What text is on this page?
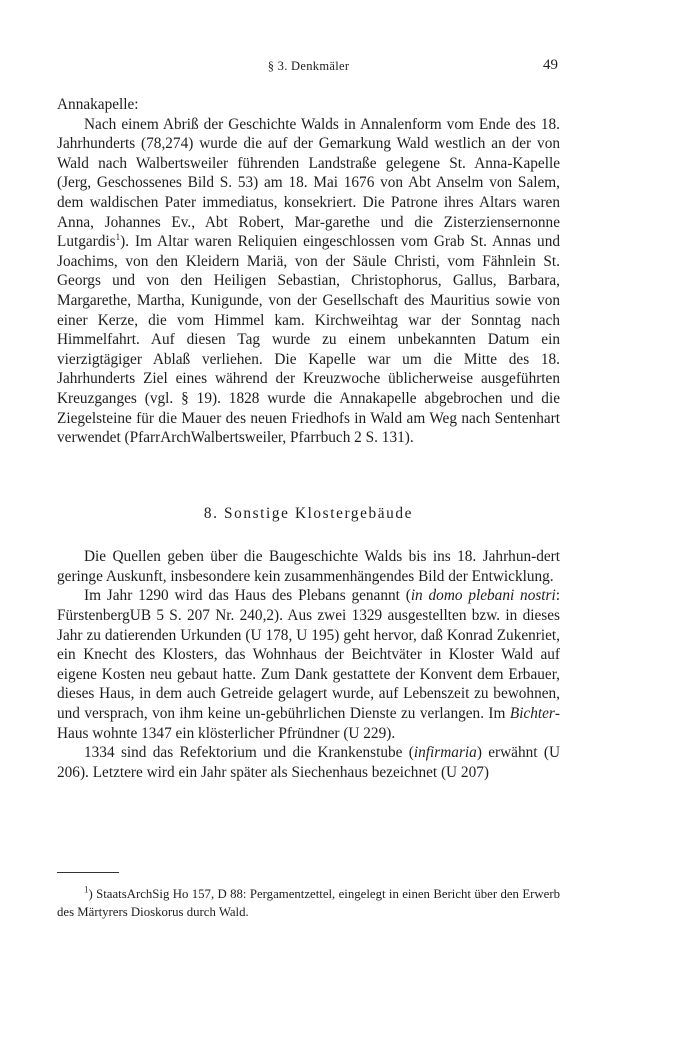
§ 3. Denkmäler	49

Annakapelle:

Nach einem Abriß der Geschichte Walds in Annalenform vom Ende des 18. Jahrhunderts (78,274) wurde die auf der Gemarkung Wald westlich an der von Wald nach Walbertsweiler führenden Landstraße gelegene St. Anna-Kapelle (Jerg, Geschossenes Bild S. 53) am 18. Mai 1676 von Abt Anselm von Salem, dem waldischen Pater immediatus, konsekriert. Die Patrone ihres Altars waren Anna, Johannes Ev., Abt Robert, Mar-garethe und die Zisterziensernonne Lutgardis$^1$). Im Altar waren Reliquien eingeschlossen vom Grab St. Annas und Joachims, von den Kleidern Mariä, von der Säule Christi, vom Fähnlein St. Georgs und von den Heiligen Sebastian, Christophorus, Gallus, Barbara, Margarethe, Martha, Kunigunde, von der Gesellschaft des Mauritius sowie von einer Kerze, die vom Himmel kam. Kirchweihtag war der Sonntag nach Himmelfahrt. Auf diesen Tag wurde zu einem unbekannten Datum ein vierzigtägiger Ablaß verliehen. Die Kapelle war um die Mitte des 18. Jahrhunderts Ziel eines während der Kreuzwoche üblicherweise ausgeführten Kreuzganges (vgl. § 19). 1828 wurde die Annakapelle abgebrochen und die Ziegelsteine für die Mauer des neuen Friedhofs in Wald am Weg nach Sentenhart verwendet (PfarrArchWalbertsweiler, Pfarrbuch 2 S. 131).

8. Sonstige Klostergebäude

Die Quellen geben über die Baugeschichte Walds bis ins 18. Jahrhun-dert geringe Auskunft, insbesondere kein zusammenhängendes Bild der Entwicklung.

Im Jahr 1290 wird das Haus des Plebans genannt (in domo plebani nostri: FürstenbergUB 5 S. 207 Nr. 240,2). Aus zwei 1329 ausgestellten bzw. in dieses Jahr zu datierenden Urkunden (U 178, U 195) geht hervor, daß Konrad Zukenriet, ein Knecht des Klosters, das Wohnhaus der Beichtväter in Kloster Wald auf eigene Kosten neu gebaut hatte. Zum Dank gestattete der Konvent dem Erbauer, dieses Haus, in dem auch Getreide gelagert wurde, auf Lebenszeit zu bewohnen, und versprach, von ihm keine un-gebührlichen Dienste zu verlangen. Im Bichter-Haus wohnte 1347 ein klösterlicher Pfründner (U 229).

1334 sind das Refektorium und die Krankenstube (infirmaria) erwähnt (U 206). Letztere wird ein Jahr später als Siechenhaus bezeichnet (U 207)

$^1$) StaatsArchSig Ho 157, D 88: Pergamentzettel, eingelegt in einen Bericht über den Erwerb des Märtyrers Dioskorus durch Wald.
